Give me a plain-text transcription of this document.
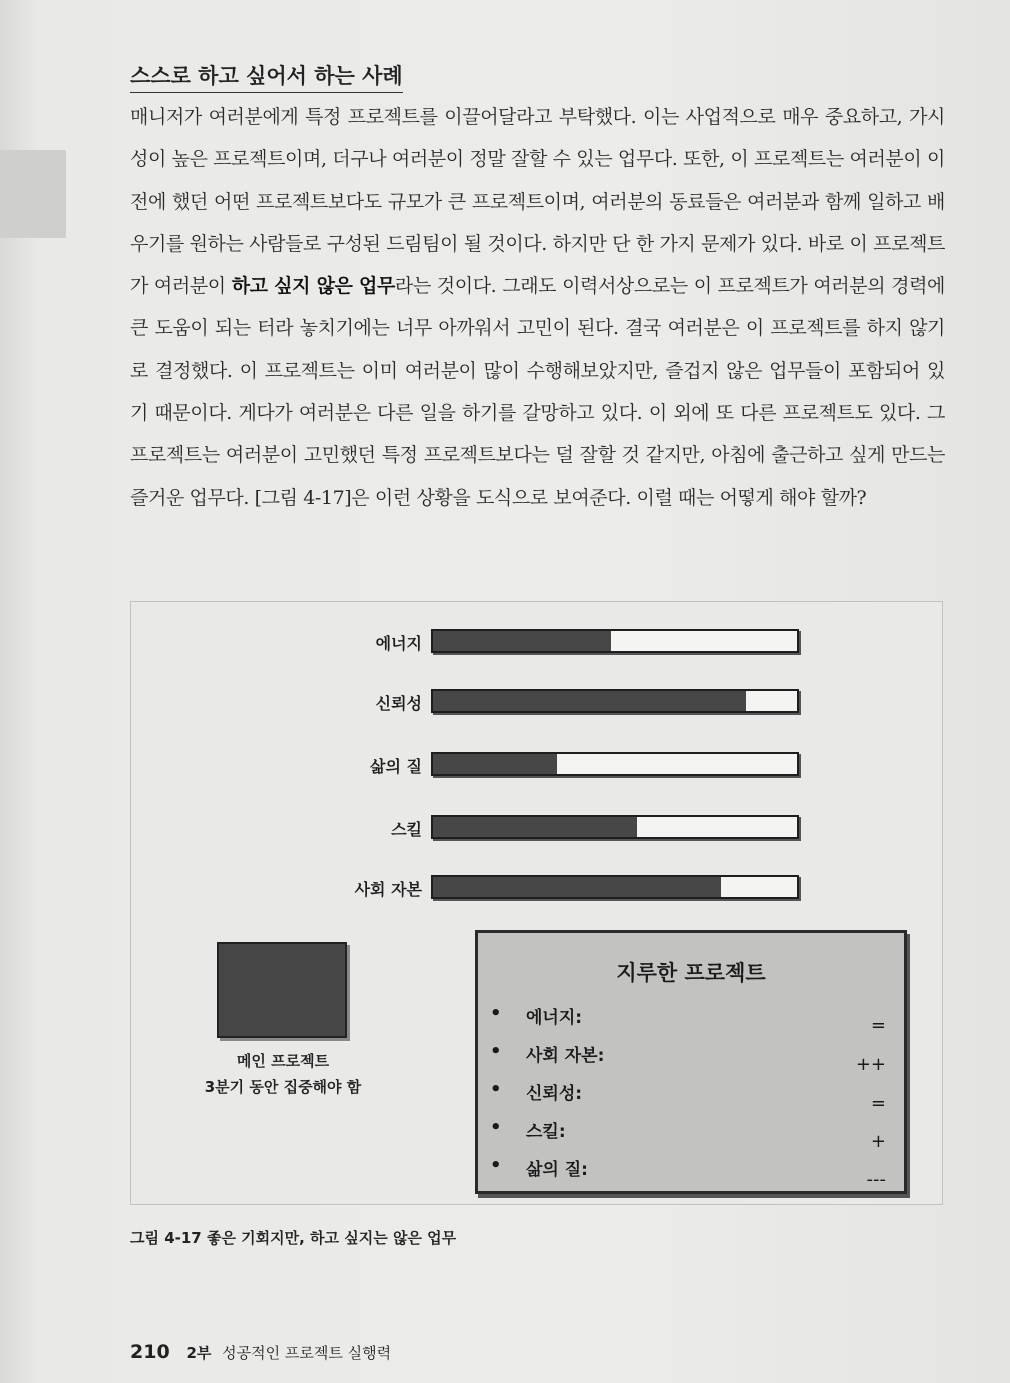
스스로 하고 싶어서 하는 사례
매니저가 여러분에게 특정 프로젝트를 이끌어달라고 부탁했다. 이는 사업적으로 매우 중요하고, 가시성이 높은 프로젝트이며, 더구나 여러분이 정말 잘할 수 있는 업무다. 또한, 이 프로젝트는 여러분이 이전에 했던 어떤 프로젝트보다도 규모가 큰 프로젝트이며, 여러분의 동료들은 여러분과 함께 일하고 배우기를 원하는 사람들로 구성된 드림팀이 될 것이다. 하지만 단 한 가지 문제가 있다. 바로 이 프로젝트가 여러분이 하고 싶지 않은 업무라는 것이다. 그래도 이력서상으로는 이 프로젝트가 여러분의 경력에 큰 도움이 되는 터라 놓치기에는 너무 아까워서 고민이 된다. 결국 여러분은 이 프로젝트를 하지 않기로 결정했다. 이 프로젝트는 이미 여러분이 많이 수행해보았지만, 즐겁지 않은 업무들이 포함되어 있기 때문이다. 게다가 여러분은 다른 일을 하기를 갈망하고 있다. 이 외에 또 다른 프로젝트도 있다. 그 프로젝트는 여러분이 고민했던 특정 프로젝트보다는 덜 잘할 것 같지만, 아침에 출근하고 싶게 만드는 즐거운 업무다. [그림 4-17]은 이런 상황을 도식으로 보여준다. 이럴 때는 어떻게 해야 할까?
에너지
신뢰성
삶의 질
스킬
사회 자본
메인 프로젝트
3분기 동안 집중해야 함
지루한 프로젝트
• 에너지:	=
• 사회 자본:	++
• 신뢰성:	=
• 스킬:	+
• 삶의 질:	---
그림 4-17 좋은 기회지만, 하고 싶지는 않은 업무
210 2부 성공적인 프로젝트 실행력
